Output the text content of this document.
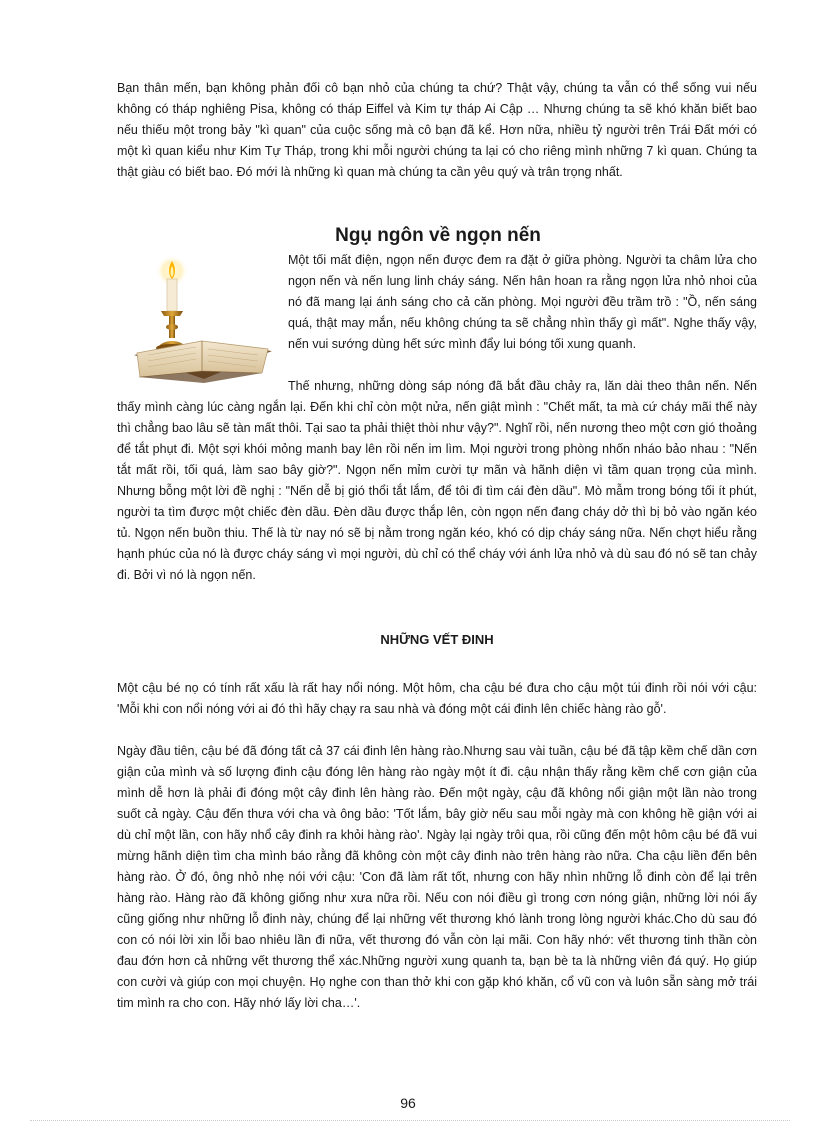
Bạn thân mến, bạn không phản đối cô bạn nhỏ của chúng ta chứ? Thật vậy, chúng ta vẫn có thể sống vui nếu không có tháp nghiêng Pisa, không có tháp Eiffel và Kim tự tháp Ai Cập … Nhưng chúng ta sẽ khó khăn biết bao nếu thiếu một trong bảy "kì quan" của cuộc sống mà cô bạn đã kể. Hơn nữa, nhiều tỷ người trên Trái Đất mới có một kì quan kiểu như Kim Tự Tháp, trong khi mỗi người chúng ta lại có cho riêng mình những 7 kì quan. Chúng ta thật giàu có biết bao. Đó mới là những kì quan mà chúng ta cần yêu quý và trân trọng nhất.

Ngụ ngôn về ngọn nến

Một tối mất điện, ngọn nến được đem ra đặt ở giữa phòng. Người ta châm lửa cho ngọn nến và nến lung linh cháy sáng. Nến hân hoan ra rằng ngọn lửa nhỏ nhoi của nó đã mang lại ánh sáng cho cả căn phòng. Mọi người đều trầm trồ : "Ồ, nến sáng quá, thật may mắn, nếu không chúng ta sẽ chẳng nhìn thấy gì mất". Nghe thấy vậy, nến vui sướng dùng hết sức mình đẩy lui bóng tối xung quanh.

Thế nhưng, những dòng sáp nóng đã bắt đầu chảy ra, lăn dài theo thân nến. Nến thấy mình càng lúc càng ngắn lại. Đến khi chỉ còn một nửa, nến giật mình : "Chết mất, ta mà cứ cháy mãi thế này thì chẳng bao lâu sẽ tàn mất thôi. Tại sao ta phải thiệt thòi như vậy?". Nghĩ rồi, nến nương theo một cơn gió thoảng để tắt phụt đi. Một sợi khói mỏng manh bay lên rồi nến im lìm. Mọi người trong phòng nhốn nháo bảo nhau : "Nến tắt mất rồi, tối quá, làm sao bây giờ?". Ngọn nến mỉm cười tự mãn và hãnh diện vì tầm quan trọng của mình. Nhưng bỗng một lời đề nghị : "Nến dễ bị gió thổi tắt lắm, để tôi đi tìm cái đèn dầu". Mò mẫm trong bóng tối ít phút, người ta tìm được một chiếc đèn dầu. Đèn dầu được thắp lên, còn ngọn nến đang cháy dở thì bị bỏ vào ngăn kéo tủ. Ngọn nến buồn thiu. Thế là từ nay nó sẽ bị nằm trong ngăn kéo, khó có dịp cháy sáng nữa. Nến chợt hiểu rằng hạnh phúc của nó là được cháy sáng vì mọi người, dù chỉ có thể cháy với ánh lửa nhỏ và dù sau đó nó sẽ tan chảy đi. Bởi vì nó là ngọn nến.

NHỮNG VẾT ĐINH

Một cậu bé nọ có tính rất xấu là rất hay nổi nóng. Một hôm, cha cậu bé đưa cho cậu một túi đinh rồi nói với cậu: 'Mỗi khi con nổi nóng với ai đó thì hãy chạy ra sau nhà và đóng một cái đinh lên chiếc hàng rào gỗ'.

Ngày đầu tiên, cậu bé đã đóng tất cả 37 cái đinh lên hàng rào.Nhưng sau vài tuần, cậu bé đã tập kềm chế dần cơn giận của mình và số lượng đinh cậu đóng lên hàng rào ngày một ít đi. cậu nhận thấy rằng kềm chế cơn giận của mình dễ hơn là phải đi đóng một cây đinh lên hàng rào. Đến một ngày, cậu đã không nổi giận một lần nào trong suốt cả ngày. Cậu đến thưa với cha và ông bảo: 'Tốt lắm, bây giờ nếu sau mỗi ngày mà con không hề giận với ai dù chỉ một lần, con hãy nhổ cây đinh ra khỏi hàng rào'. Ngày lại ngày trôi qua, rồi cũng đến một hôm cậu bé đã vui mừng hãnh diện tìm cha mình báo rằng đã không còn một cây đinh nào trên hàng rào nữa. Cha cậu liền đến bên hàng rào. Ở đó, ông nhỏ nhẹ nói với cậu: 'Con đã làm rất tốt, nhưng con hãy nhìn những lỗ đinh còn để lại trên hàng rào. Hàng rào đã không giống như xưa nữa rồi. Nếu con nói điều gì trong cơn nóng giận, những lời nói ấy cũng giống như những lỗ đinh này, chúng để lại những vết thương khó lành trong lòng người khác.Cho dù sau đó con có nói lời xin lỗi bao nhiêu lần đi nữa, vết thương đó vẫn còn lại mãi. Con hãy nhớ: vết thương tinh thần còn đau đớn hơn cả những vết thương thể xác.Những người xung quanh ta, bạn bè ta là những viên đá quý. Họ giúp con cười và giúp con mọi chuyện. Họ nghe con than thở khi con gặp khó khăn, cổ vũ con và luôn sẵn sàng mở trái tim mình ra cho con. Hãy nhớ lấy lời cha…'.

96
